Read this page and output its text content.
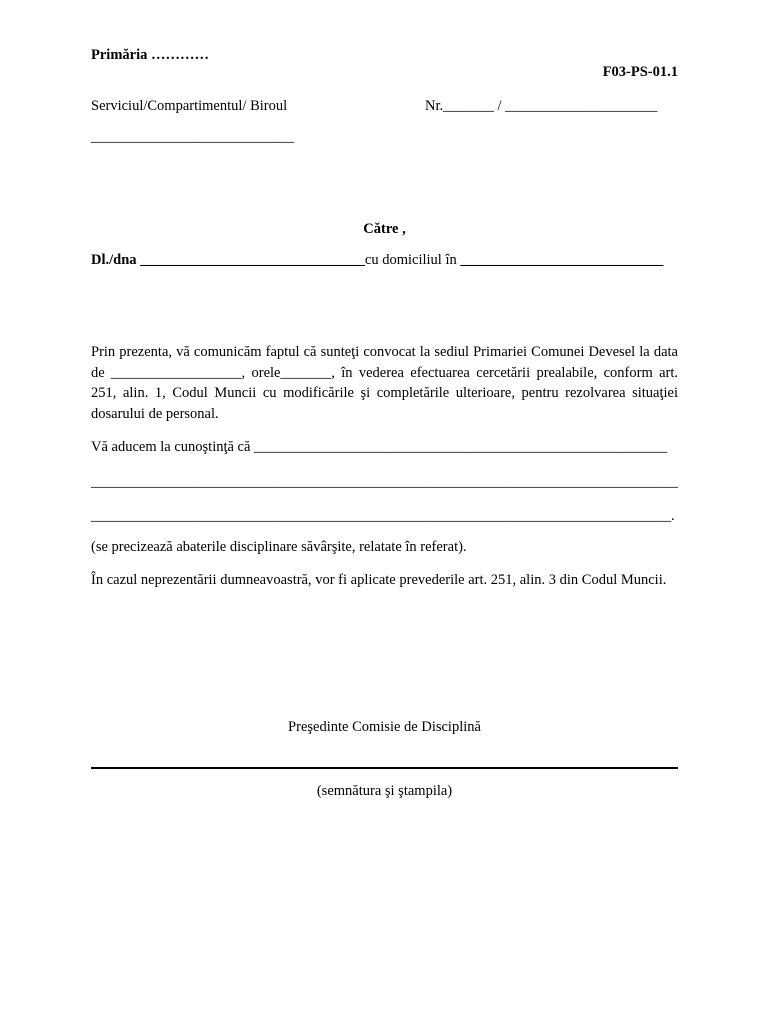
Primăria …………
F03-PS-01.1
Serviciul/Compartimentul/ Biroul	Nr._______ / _____________________
____________________________
Către ,
Dl./dna _______________________________cu domiciliul în ____________________________
Prin prezenta, vă comunicăm faptul că sunteţi convocat la sediul Primariei Comunei Devesel la data de __________________, orele_______, în vederea efectuarea cercetării prealabile, conform art. 251, alin. 1, Codul Muncii cu modificările şi completările ulterioare, pentru rezolvarea situaţiei dosarului de personal.
Vă aducem la cunoştinţă că _________________________________________________________
_________________________________________________________________________________
________________________________________________________________________________.
(se precizează abaterile disciplinare săvârşite, relatate în referat).
În cazul neprezentării dumneavoastră, vor fi aplicate prevederile art. 251, alin. 3 din Codul Muncii.
Preşedinte Comisie de Disciplină
(semnătura şi ştampila)
